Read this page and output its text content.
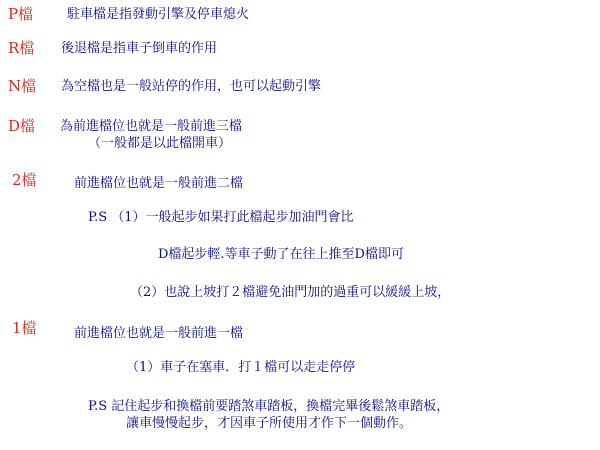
P檔	駐車檔是指發動引擎及停車熄火
R檔 後退檔是指車子倒車的作用
N檔 為空檔也是一般站停的作用，也可以起動引擎
D檔 為前進檔位也就是一般前進三檔
（一般都是以此檔開車）
2檔	前進檔位也就是一般前進二檔
P.S （1）一般起步如果打此檔起步加油門會比
D檔起步輕.等車子動了在往上推至D檔即可
（2）也說上坡打２檔避免油門加的過重可以緩緩上坡，
1檔	前進檔位也就是一般前進一檔
（1）車子在塞車．打１檔可以走走停停
P.S 記住起步和換檔前要踏煞車踏板，換檔完畢後鬆煞車踏板，
讓車慢慢起步，才因車子所使用才作下一個動作。
